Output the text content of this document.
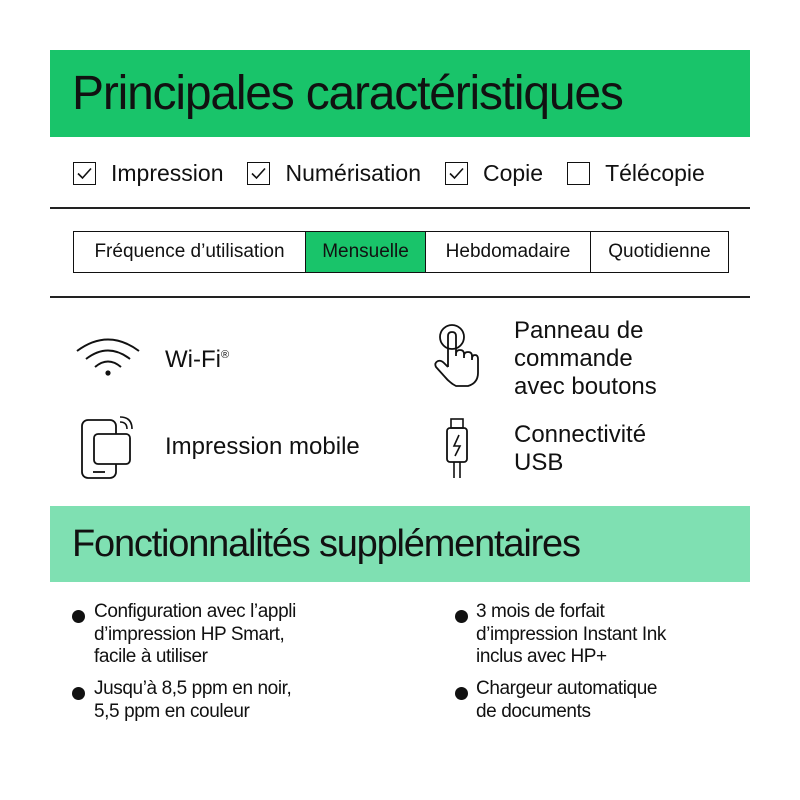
Principales caractéristiques
Impression	Numérisation	Copie	Télécopie
Fréquence d’utilisation	Mensuelle	Hebdomadaire	Quotidienne
Wi-Fi®
Panneau de
commande
avec boutons
Impression mobile	Connectivité
USB
Fonctionnalités supplémentaires
Configuration avec l’appli
d’impression HP Smart,
facile à utiliser
Jusqu’à 8,5 ppm en noir,
5,5 ppm en couleur
3 mois de forfait
d’impression Instant Ink
inclus avec HP+
Chargeur automatique
de documents
